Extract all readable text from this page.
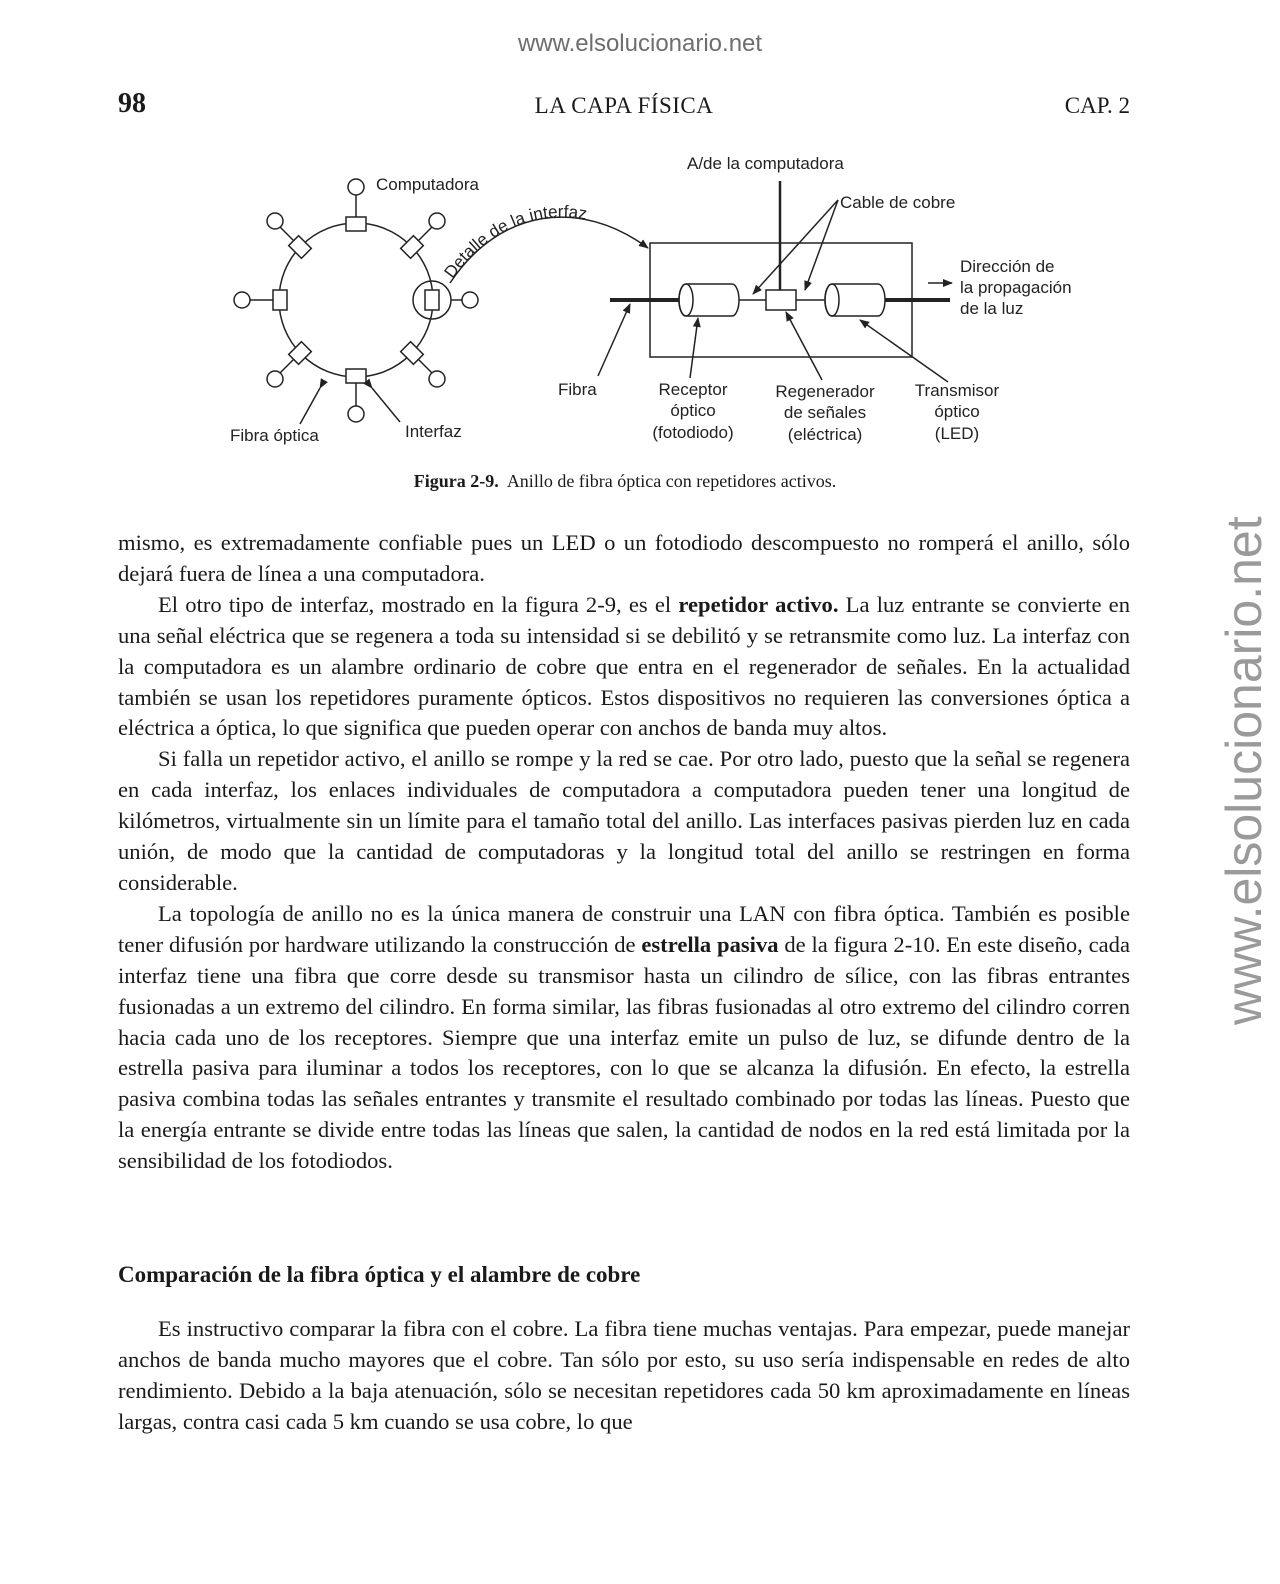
www.elsolucionario.net
www.elsolucionario.net
98	LA CAPA FÍSICA	CAP. 2
Computadora
Detalle de la interfaz
Fibra óptica	Interfaz
A/de la computadora
Cable de cobre
Dirección de
la propagación
de la luz
Fibra	Receptor
óptico
(fotodiodo)
Regenerador
de señales
(eléctrica)
Transmisor
óptico
(LED)
Figura 2-9. Anillo de fibra óptica con repetidores activos.

mismo, es extremadamente confiable pues un LED o un fotodiodo descompuesto no romperá el anillo, sólo dejará fuera de línea a una computadora.

El otro tipo de interfaz, mostrado en la figura 2-9, es el repetidor activo. La luz entrante se convierte en una señal eléctrica que se regenera a toda su intensidad si se debilitó y se retransmite como luz. La interfaz con la computadora es un alambre ordinario de cobre que entra en el regenerador de señales. En la actualidad también se usan los repetidores puramente ópticos. Estos dispositivos no requieren las conversiones óptica a eléctrica a óptica, lo que significa que pueden operar con anchos de banda muy altos.

Si falla un repetidor activo, el anillo se rompe y la red se cae. Por otro lado, puesto que la señal se regenera en cada interfaz, los enlaces individuales de computadora a computadora pueden tener una longitud de kilómetros, virtualmente sin un límite para el tamaño total del anillo. Las interfaces pasivas pierden luz en cada unión, de modo que la cantidad de computadoras y la longitud total del anillo se restringen en forma considerable.

La topología de anillo no es la única manera de construir una LAN con fibra óptica. También es posible tener difusión por hardware utilizando la construcción de estrella pasiva de la figura 2-10. En este diseño, cada interfaz tiene una fibra que corre desde su transmisor hasta un cilindro de sílice, con las fibras entrantes fusionadas a un extremo del cilindro. En forma similar, las fibras fusionadas al otro extremo del cilindro corren hacia cada uno de los receptores. Siempre que una interfaz emite un pulso de luz, se difunde dentro de la estrella pasiva para iluminar a todos los receptores, con lo que se alcanza la difusión. En efecto, la estrella pasiva combina todas las señales entrantes y transmite el resultado combinado por todas las líneas. Puesto que la energía entrante se divide entre todas las líneas que salen, la cantidad de nodos en la red está limitada por la sensibilidad de los fotodiodos.

Comparación de la fibra óptica y el alambre de cobre

Es instructivo comparar la fibra con el cobre. La fibra tiene muchas ventajas. Para empezar, puede manejar anchos de banda mucho mayores que el cobre. Tan sólo por esto, su uso sería indispensable en redes de alto rendimiento. Debido a la baja atenuación, sólo se necesitan repetidores cada 50 km aproximadamente en líneas largas, contra casi cada 5 km cuando se usa cobre, lo que
